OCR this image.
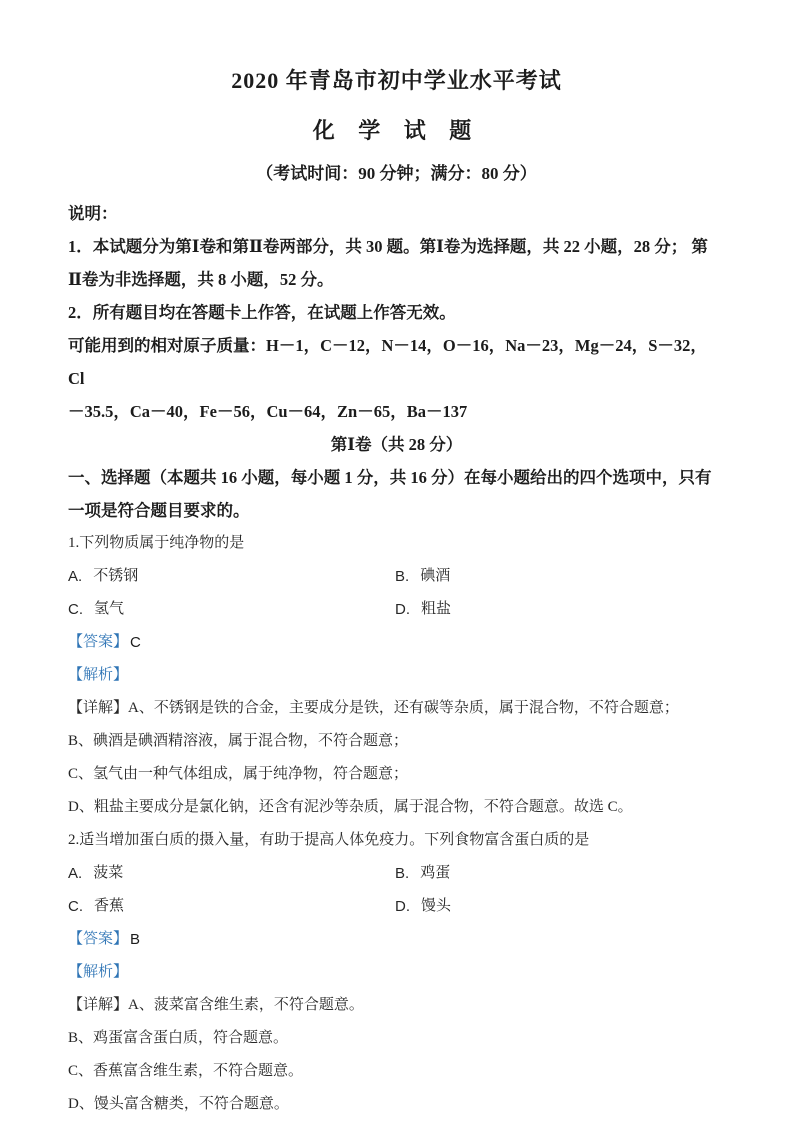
2020 年青岛市初中学业水平考试
化 学 试 题
（考试时间：90 分钟；满分：80 分）

说明：

1．本试题分为第Ⅰ卷和第Ⅱ卷两部分，共 30 题。第Ⅰ卷为选择题，共 22 小题，28 分； 第

Ⅱ卷为非选择题，共 8 小题，52 分。

2．所有题目均在答题卡上作答，在试题上作答无效。

可能用到的相对原子质量：H－1，C－12，N－14，O－16，Na－23，Mg－24，S－32， Cl

－35.5，Ca－40，Fe－56，Cu－64，Zn－65，Ba－137

第Ⅰ卷（共 28 分）

一、选择题（本题共 16 小题，每小题 1 分，共 16 分）在每小题给出的四个选项中，只有

一项是符合题目要求的。

1.下列物质属于纯净物的是

A. 不锈钢	B. 碘酒
C. 氢气	D. 粗盐
【答案】 C
【解析】

【详解】A、不锈钢是铁的合金，主要成分是铁，还有碳等杂质，属于混合物，不符合题意；

B、碘酒是碘酒精溶液，属于混合物，不符合题意；

C、氢气由一种气体组成，属于纯净物，符合题意；

D、粗盐主要成分是氯化钠，还含有泥沙等杂质，属于混合物，不符合题意。故选 C。

2.适当增加蛋白质的摄入量，有助于提高人体免疫力。下列食物富含蛋白质的是

A. 菠菜	B. 鸡蛋
C. 香蕉	D. 馒头
【答案】 B
【解析】

【详解】A、菠菜富含维生素，不符合题意。

B、鸡蛋富含蛋白质，符合题意。

C、香蕉富含维生素，不符合题意。

D、馒头富含糖类，不符合题意。
